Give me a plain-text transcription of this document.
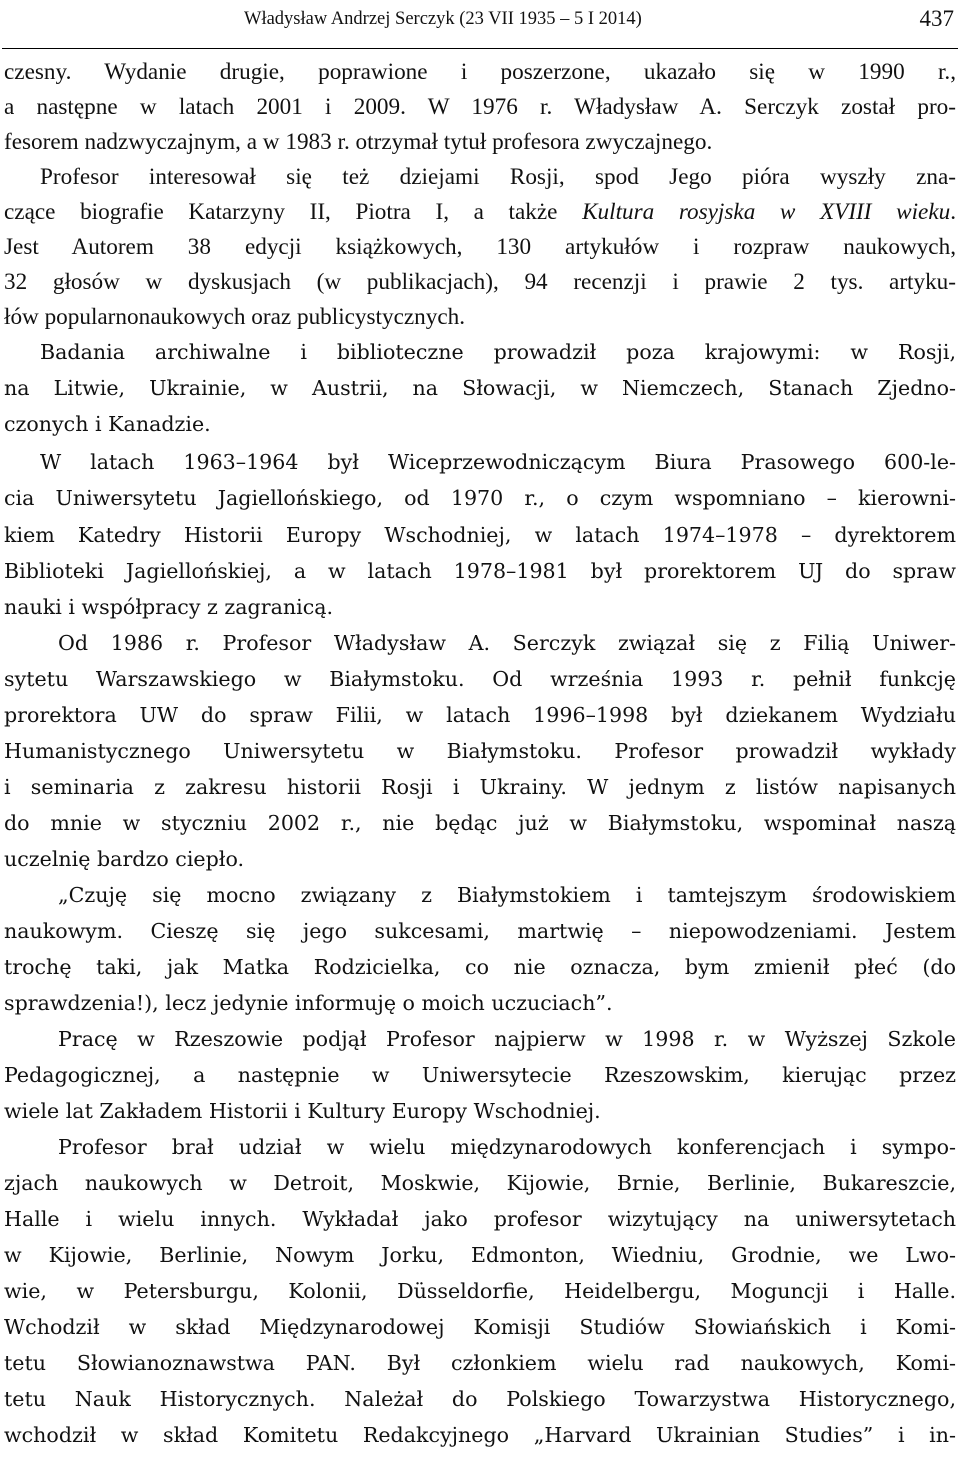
Władysław Andrzej Serczyk (23 VII 1935 – 5 I 2014)	437
czesny. Wydanie drugie, poprawione i poszerzone, ukazało się w 1990 r.,
a następne w latach 2001 i 2009. W 1976 r. Władysław A. Serczyk został pro-
fesorem nadzwyczajnym, a w 1983 r. otrzymał tytuł profesora zwyczajnego.
Profesor interesował się też dziejami Rosji, spod Jego pióra wyszły zna-
czące biografie Katarzyny II, Piotra I, a także Kultura rosyjska w XVIII wieku.
Jest Autorem 38 edycji książkowych, 130 artykułów i rozpraw naukowych,
32 głosów w dyskusjach (w publikacjach), 94 recenzji i prawie 2 tys. artyku-
łów popularnonaukowych oraz publicystycznych.
Badania archiwalne i biblioteczne prowadził poza krajowymi: w Rosji,
na Litwie, Ukrainie, w Austrii, na Słowacji, w Niemczech, Stanach Zjedno-
czonych i Kanadzie.
W latach 1963–1964 był Wiceprzewodniczącym Biura Prasowego 600-le-
cia Uniwersytetu Jagiellońskiego, od 1970 r., o czym wspomniano – kierowni-
kiem Katedry Historii Europy Wschodniej, w latach 1974–1978 – dyrektorem
Biblioteki Jagiellońskiej, a w latach 1978–1981 był prorektorem UJ do spraw
nauki i współpracy z zagranicą.
Od 1986 r. Profesor Władysław A. Serczyk związał się z Filią Uniwer-
sytetu Warszawskiego w Białymstoku. Od września 1993 r. pełnił funkcję
prorektora UW do spraw Filii, w latach 1996–1998 był dziekanem Wydziału
Humanistycznego Uniwersytetu w Białymstoku. Profesor prowadził wykłady
i seminaria z zakresu historii Rosji i Ukrainy. W jednym z listów napisanych
do mnie w styczniu 2002 r., nie będąc już w Białymstoku, wspominał naszą
uczelnię bardzo ciepło.
„Czuję się mocno związany z Białymstokiem i tamtejszym środowiskiem
naukowym. Cieszę się jego sukcesami, martwię – niepowodzeniami. Jestem
trochę taki, jak Matka Rodzicielka, co nie oznacza, bym zmienił płeć (do
sprawdzenia!), lecz jedynie informuję o moich uczuciach”.
Pracę w Rzeszowie podjął Profesor najpierw w 1998 r. w Wyższej Szkole
Pedagogicznej, a następnie w Uniwersytecie Rzeszowskim, kierując przez
wiele lat Zakładem Historii i Kultury Europy Wschodniej.
Profesor brał udział w wielu międzynarodowych konferencjach i sympo-
zjach naukowych w Detroit, Moskwie, Kijowie, Brnie, Berlinie, Bukareszcie,
Halle i wielu innych. Wykładał jako profesor wizytujący na uniwersytetach
w Kijowie, Berlinie, Nowym Jorku, Edmonton, Wiedniu, Grodnie, we Lwo-
wie, w Petersburgu, Kolonii, Düsseldorfie, Heidelbergu, Moguncji i Halle.
Wchodził w skład Międzynarodowej Komisji Studiów Słowiańskich i Komi-
tetu Słowianoznawstwa PAN. Był członkiem wielu rad naukowych, Komi-
tetu Nauk Historycznych. Należał do Polskiego Towarzystwa Historycznego,
wchodził w skład Komitetu Redakcyjnego „Harvard Ukrainian Studies” i in-
